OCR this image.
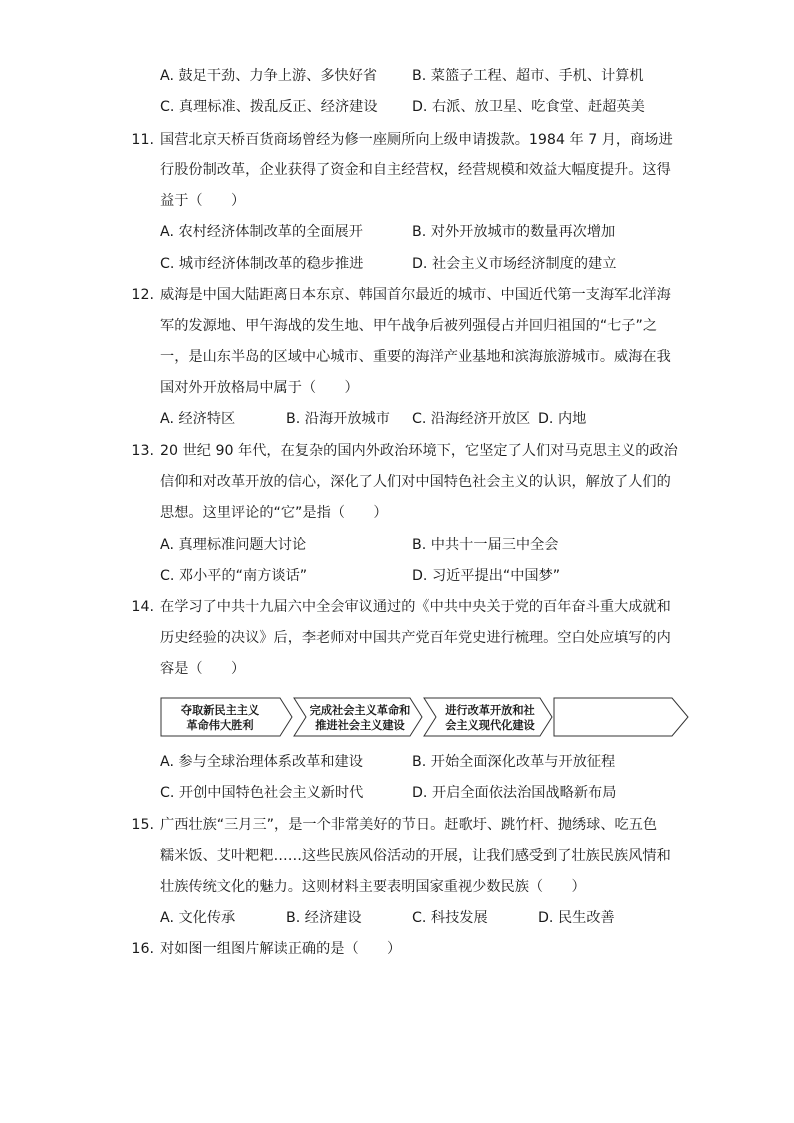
A. 鼓足干劲、力争上游、多快好省 B. 菜篮子工程、超市、手机、计算机
C. 真理标准、拨乱反正、经济建设 D. 右派、放卫星、吃食堂、赶超英美
11. 国营北京天桥百货商场曾经为修一座厕所向上级申请拨款。1984 年 7 月，商场进
行股份制改革，企业获得了资金和自主经营权，经营规模和效益大幅度提升。这得
益于（　　）
A. 农村经济体制改革的全面展开	B. 对外开放城市的数量再次增加
C. 城市经济体制改革的稳步推进	D. 社会主义市场经济制度的建立
12. 威海是中国大陆距离日本东京、韩国首尔最近的城市、中国近代第一支海军北洋海
军的发源地、甲午海战的发生地、甲午战争后被列强侵占并回归祖国的“七子”之
一，是山东半岛的区域中心城市、重要的海洋产业基地和滨海旅游城市。威海在我
国对外开放格局中属于（　　）
A. 经济特区	B. 沿海开放城市 C. 沿海经济开放区 D. 内地
13. 20 世纪 90 年代，在复杂的国内外政治环境下，它坚定了人们对马克思主义的政治
信仰和对改革开放的信心，深化了人们对中国特色社会主义的认识，解放了人们的
思想。这里评论的“它”是指（　　）
A. 真理标准问题大讨论	B. 中共十一届三中全会
C. 邓小平的“南方谈话”	D. 习近平提出“中国梦”
14. 在学习了中共十九届六中全会审议通过的《中共中央关于党的百年奋斗重大成就和
历史经验的决议》后，李老师对中国共产党百年党史进行梳理。空白处应填写的内
容是（　　）
夺取新民主主义
革命伟大胜利
完成社会主义革命和
推进社会主义建设
进行改革开放和社
会主义现代化建设
A. 参与全球治理体系改革和建设	B. 开始全面深化改革与开放征程
C. 开创中国特色社会主义新时代	D. 开启全面依法治国战略新布局
15. 广西壮族“三月三”，是一个非常美好的节日。赶歌圩、跳竹杆、抛绣球、吃五色
糯米饭、艾叶粑粑……这些民族风俗活动的开展，让我们感受到了壮族民族风情和
壮族传统文化的魅力。这则材料主要表明国家重视少数民族（　　）
A. 文化传承	B. 经济建设	C. 科技发展	D. 民生改善
16. 对如图一组图片解读正确的是（　　）
